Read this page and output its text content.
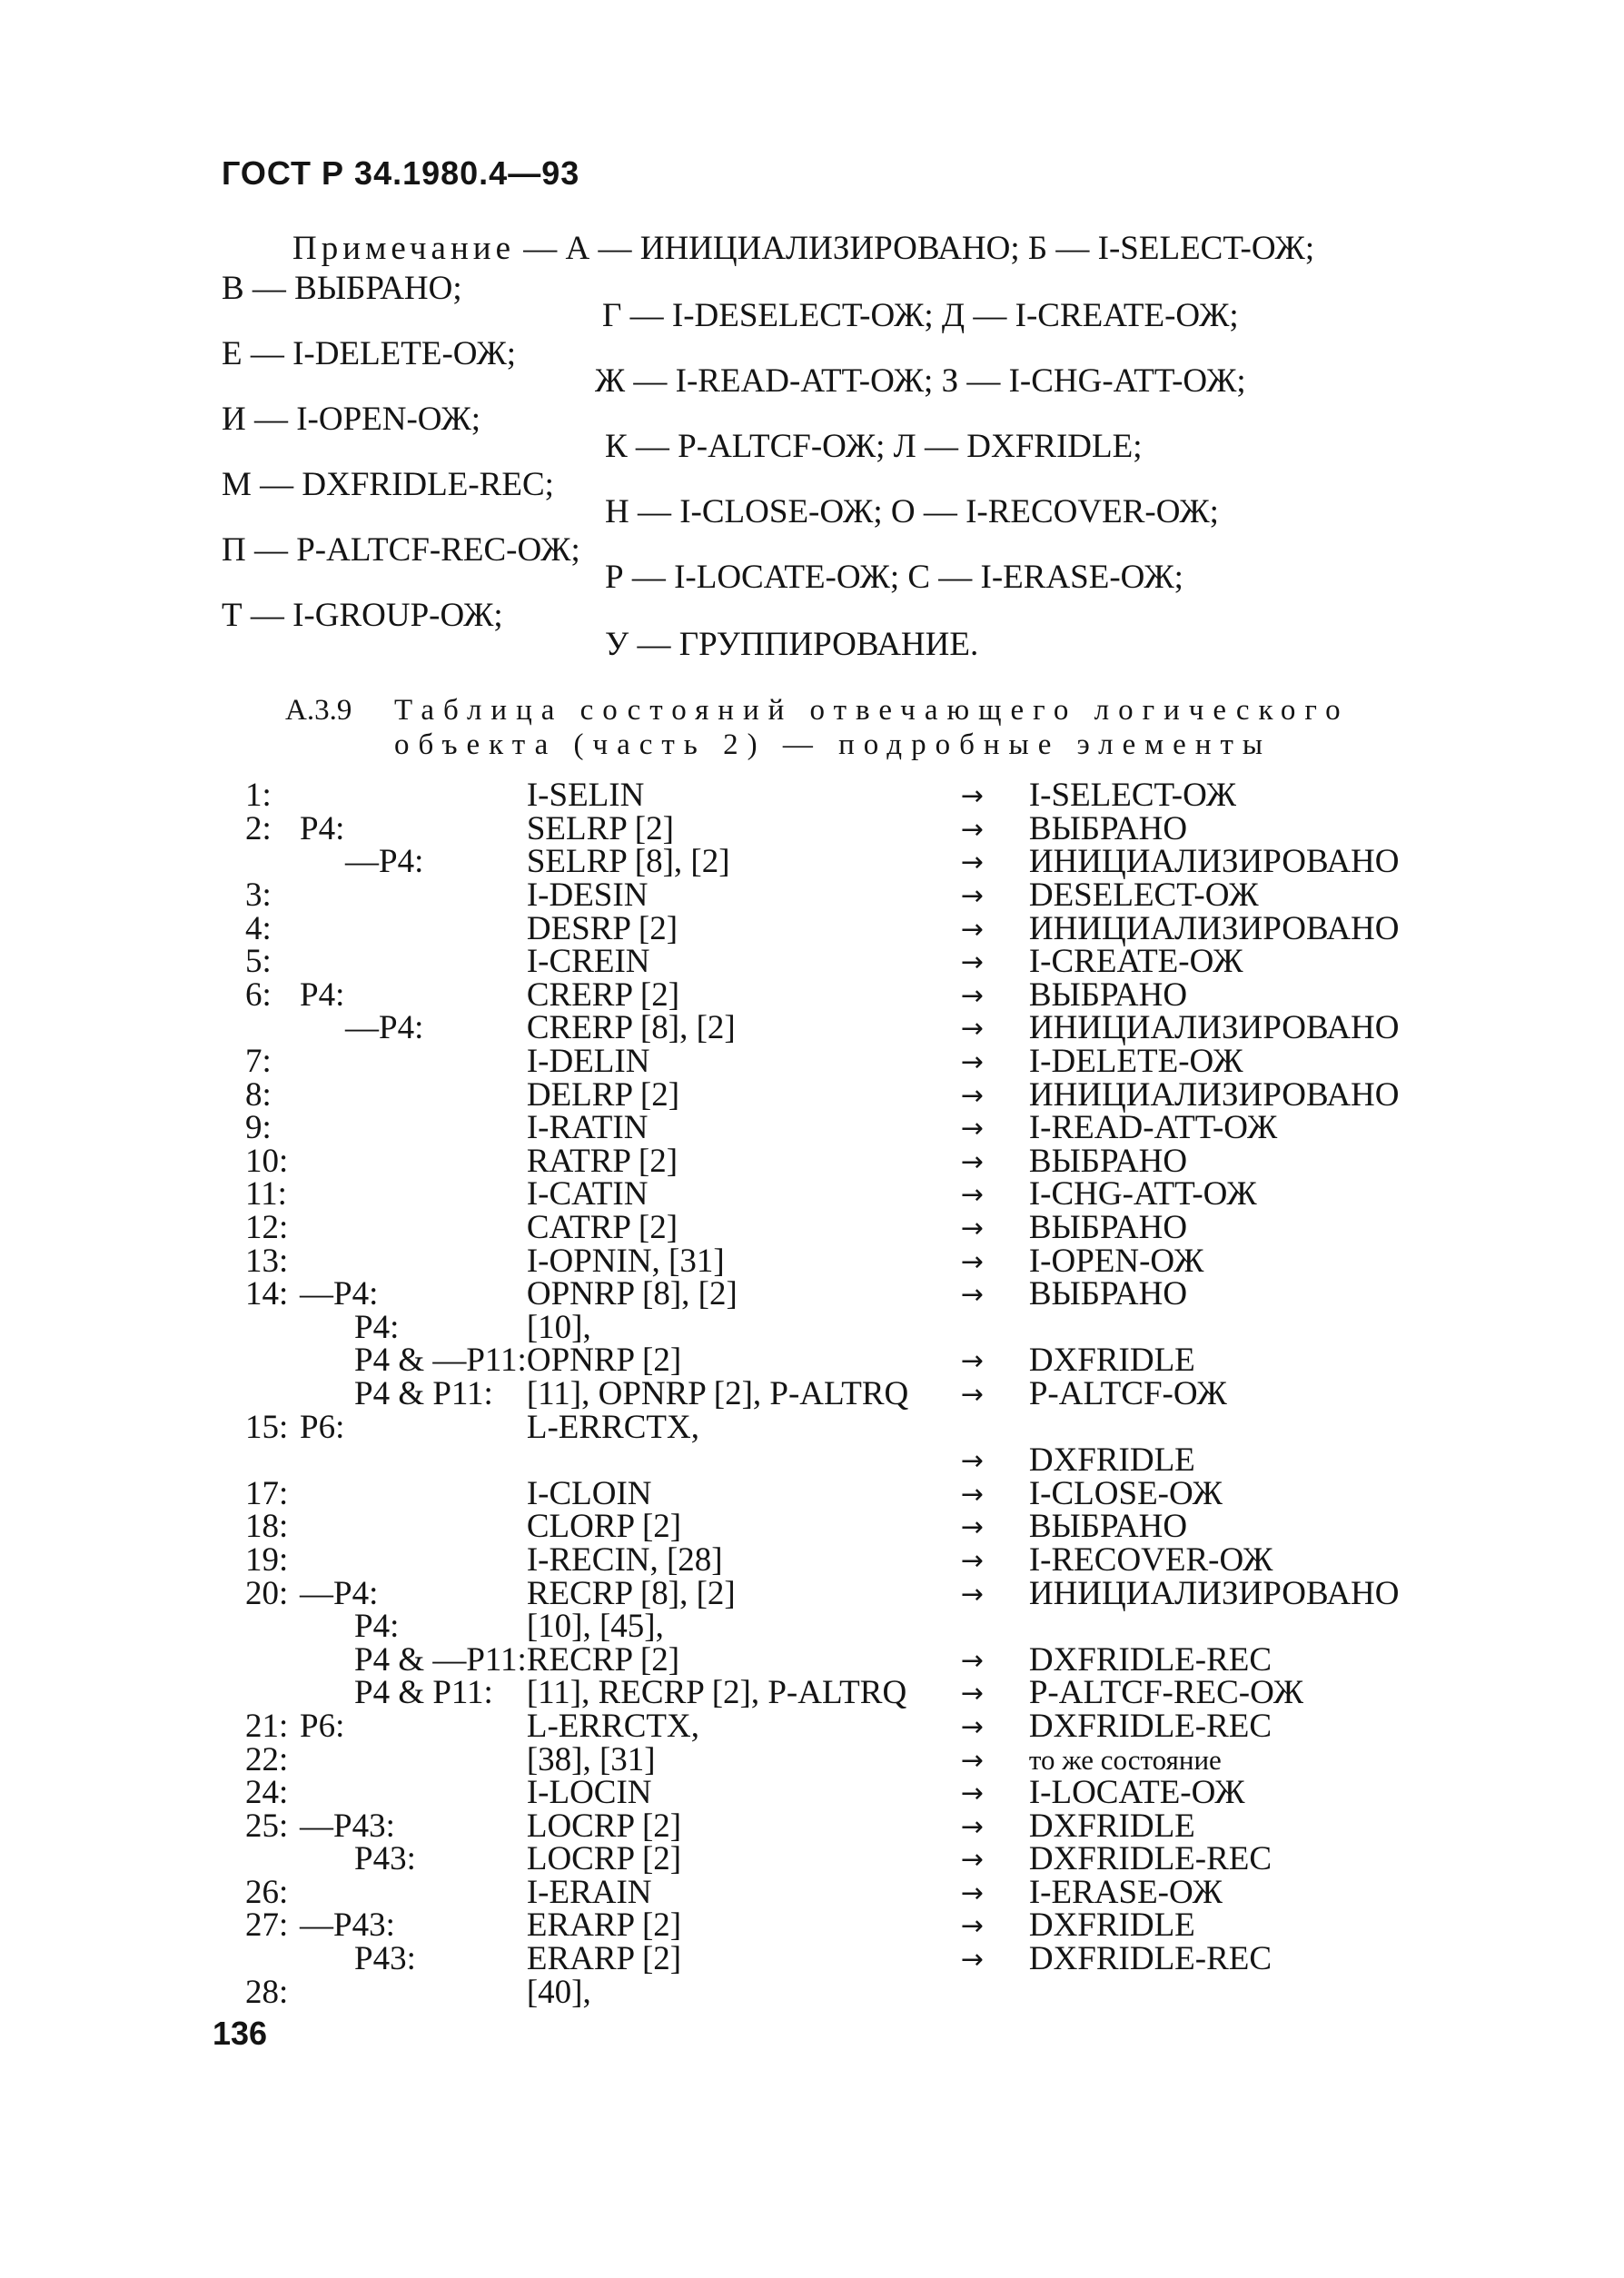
ГОСТ Р 34.1980.4—93
Примечание — А — ИНИЦИАЛИЗИРОВАНО; Б — I-SELECT-ОЖ;
В — ВЫБРАНО;
Г — I-DESELECT-ОЖ; Д — I-CREATE-ОЖ;
Е — I-DELETE-ОЖ;
Ж — I-READ-ATT-ОЖ; З — I-CHG-ATT-ОЖ;
И — I-OPEN-ОЖ;
К — P-ALTCF-ОЖ; Л — DXFRIDLE;
М — DXFRIDLE-REC;
Н — I-CLOSE-ОЖ; О — I-RECOVER-ОЖ;
П — P-ALTCF-REC-ОЖ;
Р — I-LOCATE-ОЖ; С — I-ERASE-ОЖ;
Т — I-GROUP-ОЖ;
У — ГРУППИРОВАНИЕ.
А.3.9 Таблица состояний отвечающего логического
объекта (часть 2) — подробные элементы
1:	I-SELIN	→	I-SELECT-ОЖ
2: Р4:	SELRP [2]	→	ВЫБРАНО
—Р4:	SELRP [8], [2]	→	ИНИЦИАЛИЗИРОВАНО
3:	I-DESIN	→	DESELECT-ОЖ
4:	DESRP [2]	→	ИНИЦИАЛИЗИРОВАНО
5:	I-CREIN	→	I-CREATE-ОЖ
6: Р4:	CRERP [2]	→	ВЫБРАНО
—Р4:	CRERP [8], [2]	→	ИНИЦИАЛИЗИРОВАНО
7:	I-DELIN	→	I-DELETE-ОЖ
8:	DELRP [2]	→	ИНИЦИАЛИЗИРОВАНО
9:	I-RATIN	→	I-READ-ATT-ОЖ
10:	RATRP [2]	→	ВЫБРАНО
11:	I-CATIN	→	I-CHG-ATT-ОЖ
12:	CATRP [2]	→	ВЫБРАНО
13:	I-OPNIN, [31]	→	I-OPEN-ОЖ
14: —Р4:	OPNRP [8], [2]	→	ВЫБРАНО
Р4:	[10],		
Р4 & —Р11:	OPNRP [2]	→	DXFRIDLE
Р4 & Р11:	[11], OPNRP [2], P-ALTRQ	→	P-ALTCF-ОЖ
15: Р6:	L-ERRCTX,		
		→	DXFRIDLE
17:	I-CLOIN	→	I-CLOSE-ОЖ
18:	CLORP [2]	→	ВЫБРАНО
19:	I-RECIN, [28]	→	I-RECOVER-ОЖ
20: —Р4:	RECRP [8], [2]	→	ИНИЦИАЛИЗИРОВАНО
Р4:	[10], [45],		
Р4 & —Р11:	RECRP [2]	→	DXFRIDLE-REC
Р4 & Р11:	[11], RECRP [2], P-ALTRQ	→	P-ALTCF-REC-ОЖ
21: Р6:	L-ERRCTX,	→	DXFRIDLE-REC
22:	[38], [31]	→	то же состояние
24:	I-LOCIN	→	I-LOCATE-ОЖ
25: —Р43:	LOCRP [2]	→	DXFRIDLE
Р43:	LOCRP [2]	→	DXFRIDLE-REC
26:	I-ERAIN	→	I-ERASE-ОЖ
27: —Р43:	ERARP [2]	→	DXFRIDLE
Р43:	ERARP [2]	→	DXFRIDLE-REC
28:	[40],		
136
